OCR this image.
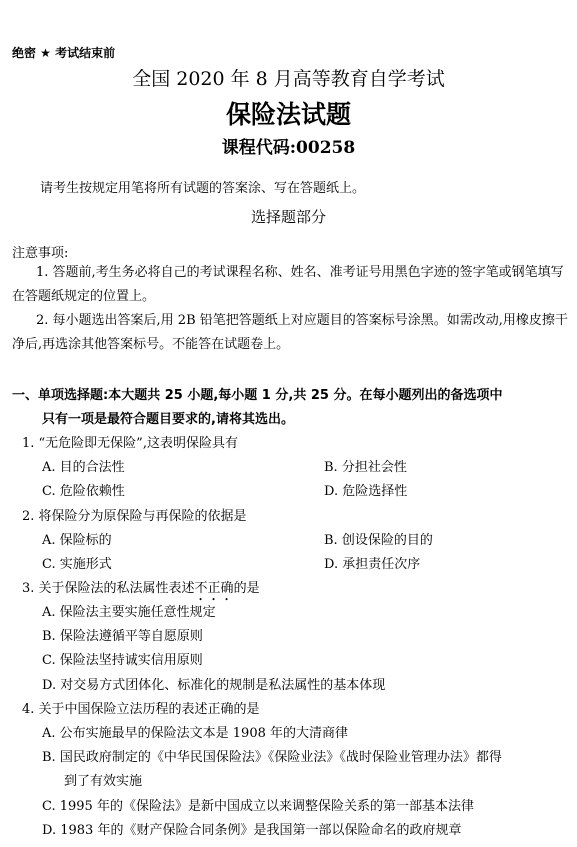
绝密 ★ 考试结束前
全国 2020 年 8 月高等教育自学考试
保险法试题
课程代码:00258
请考生按规定用笔将所有试题的答案涂、写在答题纸上。
选择题部分
注意事项:
1. 答题前,考生务必将自己的考试课程名称、姓名、准考证号用黑色字迹的签字笔或钢笔填写在答题纸规定的位置上。
2. 每小题选出答案后,用 2B 铅笔把答题纸上对应题目的答案标号涂黑。如需改动,用橡皮擦干净后,再选涂其他答案标号。不能答在试题卷上。
一、单项选择题:本大题共 25 小题,每小题 1 分,共 25 分。在每小题列出的备选项中
只有一项是最符合题目要求的,请将其选出。
1. “无危险即无保险”,这表明保险具有
A. 目的合法性	B. 分担社会性
C. 危险依赖性	D. 危险选择性
2. 将保险分为原保险与再保险的依据是
A. 保险标的	B. 创设保险的目的
C. 实施形式	D. 承担责任次序
3. 关于保险法的私法属性表述不正确的是
A. 保险法主要实施任意性规定
B. 保险法遵循平等自愿原则
C. 保险法坚持诚实信用原则
D. 对交易方式团体化、标准化的规制是私法属性的基本体现
4. 关于中国保险立法历程的表述正确的是
A. 公布实施最早的保险法文本是 1908 年的大清商律
B. 国民政府制定的《中华民国保险法》《保险业法》《战时保险业管理办法》都得
到了有效实施
C. 1995 年的《保险法》是新中国成立以来调整保险关系的第一部基本法律
D. 1983 年的《财产保险合同条例》是我国第一部以保险命名的政府规章
